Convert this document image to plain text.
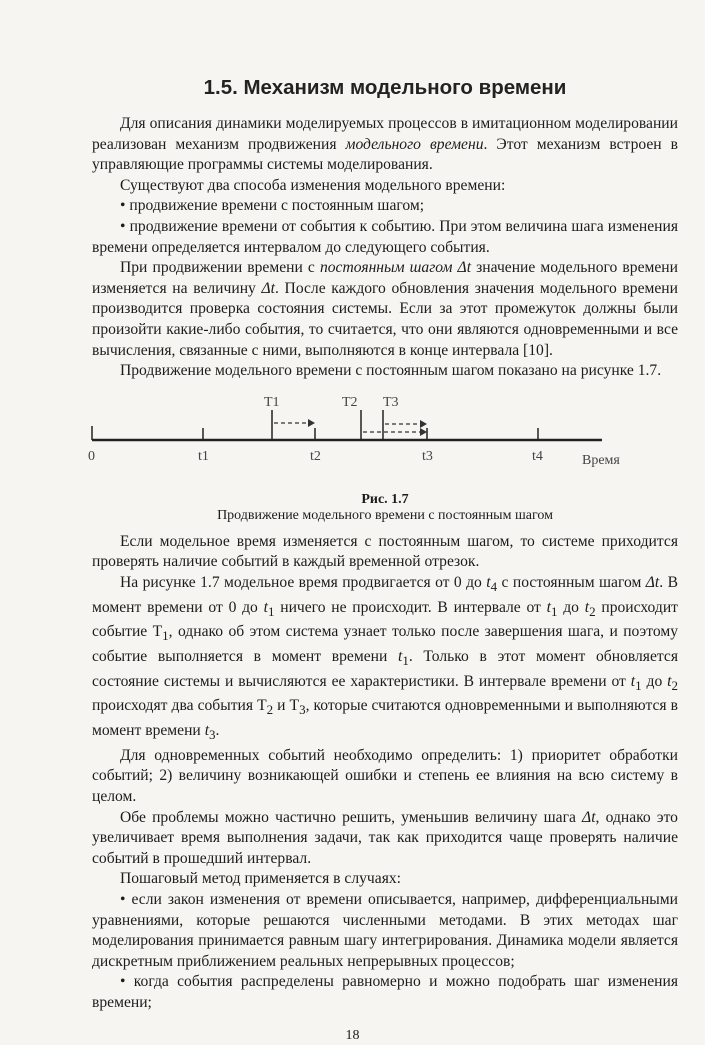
1.5. Механизм модельного времени

Для описания динамики моделируемых процессов в имитационном моделировании реализован механизм продвижения модельного времени. Этот механизм встроен в управляющие программы системы моделирования.

Существуют два способа изменения модельного времени:

• продвижение времени с постоянным шагом;

• продвижение времени от события к событию. При этом величина шага изменения времени определяется интервалом до следующего события.

При продвижении времени с постоянным шагом Δt значение модельного времени изменяется на величину Δt. После каждого обновления значения модельного времени производится проверка состояния системы. Если за этот промежуток должны были произойти какие-либо события, то считается, что они являются одновременными и все вычисления, связанные с ними, выполняются в конце интервала [10].

Продвижение модельного времени с постоянным шагом показано на рисунке 1.7.

Т1	Т2 Т3
0	t1	t2	t3	t4	Время
Рис. 1.7
Продвижение модельного времени с постоянным шагом

Если модельное время изменяется с постоянным шагом, то системе приходится проверять наличие событий в каждый временной отрезок.

На рисунке 1.7 модельное время продвигается от 0 до $t_4$ с постоянным шагом Δt. В момент времени от 0 до $t_1$ ничего не происходит. В интервале от $t_1$ до $t_2$ происходит событие $Т_1$, однако об этом система узнает только после завершения шага, и поэтому событие выполняется в момент времени $t_1$. Только в этот момент обновляется состояние системы и вычисляются ее характеристики. В интервале времени от $t_1$ до $t_2$ происходят два события $Т_2$ и $Т_3$, которые считаются одновременными и выполняются в момент времени $t_3$.

Для одновременных событий необходимо определить: 1) приоритет обработки событий; 2) величину возникающей ошибки и степень ее влияния на всю систему в целом.

Обе проблемы можно частично решить, уменьшив величину шага Δt, однако это увеличивает время выполнения задачи, так как приходится чаще проверять наличие событий в прошедший интервал.

Пошаговый метод применяется в случаях:

• если закон изменения от времени описывается, например, дифференциальными уравнениями, которые решаются численными методами. В этих методах шаг моделирования принимается равным шагу интегрирования. Динамика модели является дискретным приближением реальных непрерывных процессов;

• когда события распределены равномерно и можно подобрать шаг изменения времени;

18
